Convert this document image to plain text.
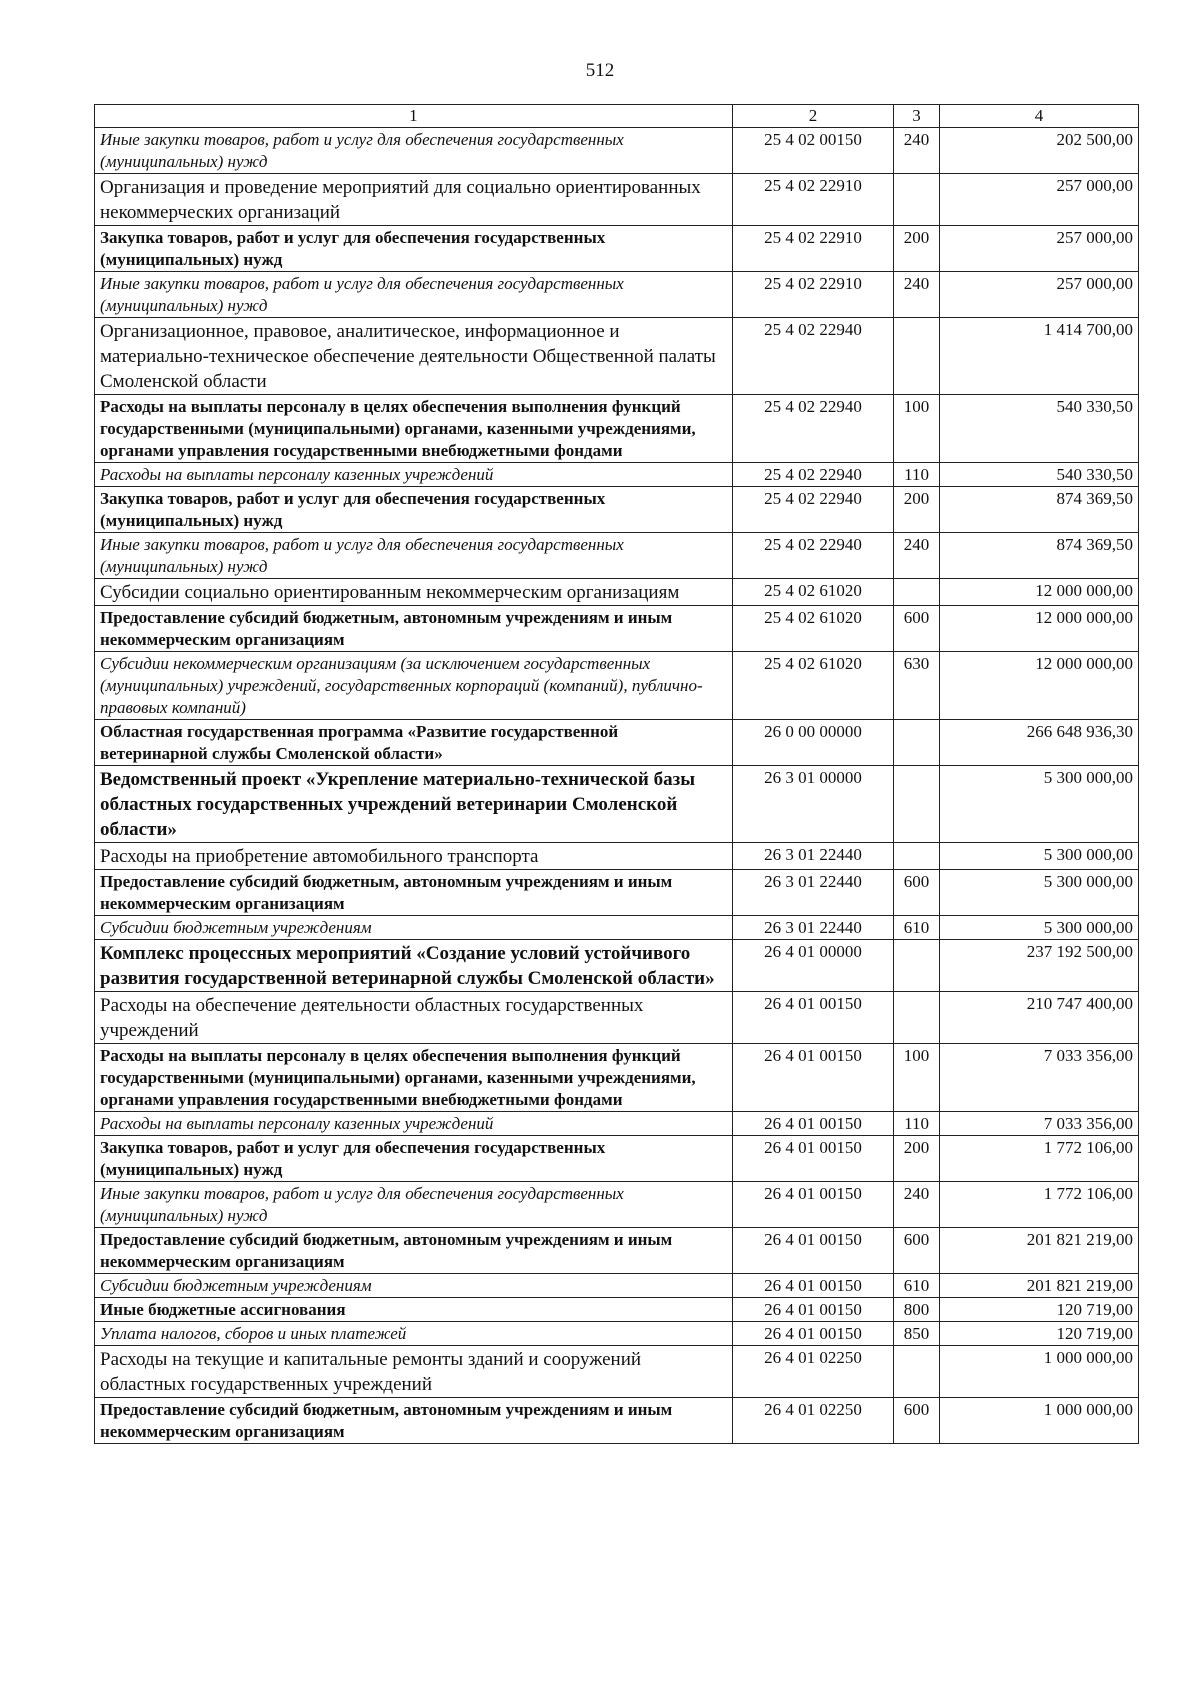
512
1	2	3	4
Иные закупки товаров, работ и услуг для обеспечения государственных (муниципальных) нужд	25 4 02 00150	240	202 500,00
Организация и проведение мероприятий для социально ориентированных некоммерческих организаций	25 4 02 22910		257 000,00
Закупка товаров, работ и услуг для обеспечения государственных (муниципальных) нужд	25 4 02 22910	200	257 000,00
Иные закупки товаров, работ и услуг для обеспечения государственных (муниципальных) нужд	25 4 02 22910	240	257 000,00
Организационное, правовое, аналитическое, информационное и материально-техническое обеспечение деятельности Общественной палаты Смоленской области	25 4 02 22940		1 414 700,00
Расходы на выплаты персоналу в целях обеспечения выполнения функций государственными (муниципальными) органами, казенными учреждениями, органами управления государственными внебюджетными фондами	25 4 02 22940	100	540 330,50
Расходы на выплаты персоналу казенных учреждений	25 4 02 22940	110	540 330,50
Закупка товаров, работ и услуг для обеспечения государственных (муниципальных) нужд	25 4 02 22940	200	874 369,50
Иные закупки товаров, работ и услуг для обеспечения государственных (муниципальных) нужд	25 4 02 22940	240	874 369,50
Субсидии социально ориентированным некоммерческим организациям	25 4 02 61020		12 000 000,00
Предоставление субсидий бюджетным, автономным учреждениям и иным некоммерческим организациям	25 4 02 61020	600	12 000 000,00
Субсидии некоммерческим организациям (за исключением государственных (муниципальных) учреждений, государственных корпораций (компаний), публично-правовых компаний)	25 4 02 61020	630	12 000 000,00
Областная государственная программа «Развитие государственной ветеринарной службы Смоленской области»	26 0 00 00000		266 648 936,30
Ведомственный проект «Укрепление материально-технической базы областных государственных учреждений ветеринарии Смоленской области»	26 3 01 00000		5 300 000,00
Расходы на приобретение автомобильного транспорта	26 3 01 22440		5 300 000,00
Предоставление субсидий бюджетным, автономным учреждениям и иным некоммерческим организациям	26 3 01 22440	600	5 300 000,00
Субсидии бюджетным учреждениям	26 3 01 22440	610	5 300 000,00
Комплекс процессных мероприятий «Создание условий устойчивого развития государственной ветеринарной службы Смоленской области»	26 4 01 00000		237 192 500,00
Расходы на обеспечение деятельности областных государственных учреждений	26 4 01 00150		210 747 400,00
Расходы на выплаты персоналу в целях обеспечения выполнения функций государственными (муниципальными) органами, казенными учреждениями, органами управления государственными внебюджетными фондами	26 4 01 00150	100	7 033 356,00
Расходы на выплаты персоналу казенных учреждений	26 4 01 00150	110	7 033 356,00
Закупка товаров, работ и услуг для обеспечения государственных (муниципальных) нужд	26 4 01 00150	200	1 772 106,00
Иные закупки товаров, работ и услуг для обеспечения государственных (муниципальных) нужд	26 4 01 00150	240	1 772 106,00
Предоставление субсидий бюджетным, автономным учреждениям и иным некоммерческим организациям	26 4 01 00150	600	201 821 219,00
Субсидии бюджетным учреждениям	26 4 01 00150	610	201 821 219,00
Иные бюджетные ассигнования	26 4 01 00150	800	120 719,00
Уплата налогов, сборов и иных платежей	26 4 01 00150	850	120 719,00
Расходы на текущие и капитальные ремонты зданий и сооружений областных государственных учреждений	26 4 01 02250		1 000 000,00
Предоставление субсидий бюджетным, автономным учреждениям и иным некоммерческим организациям	26 4 01 02250	600	1 000 000,00
